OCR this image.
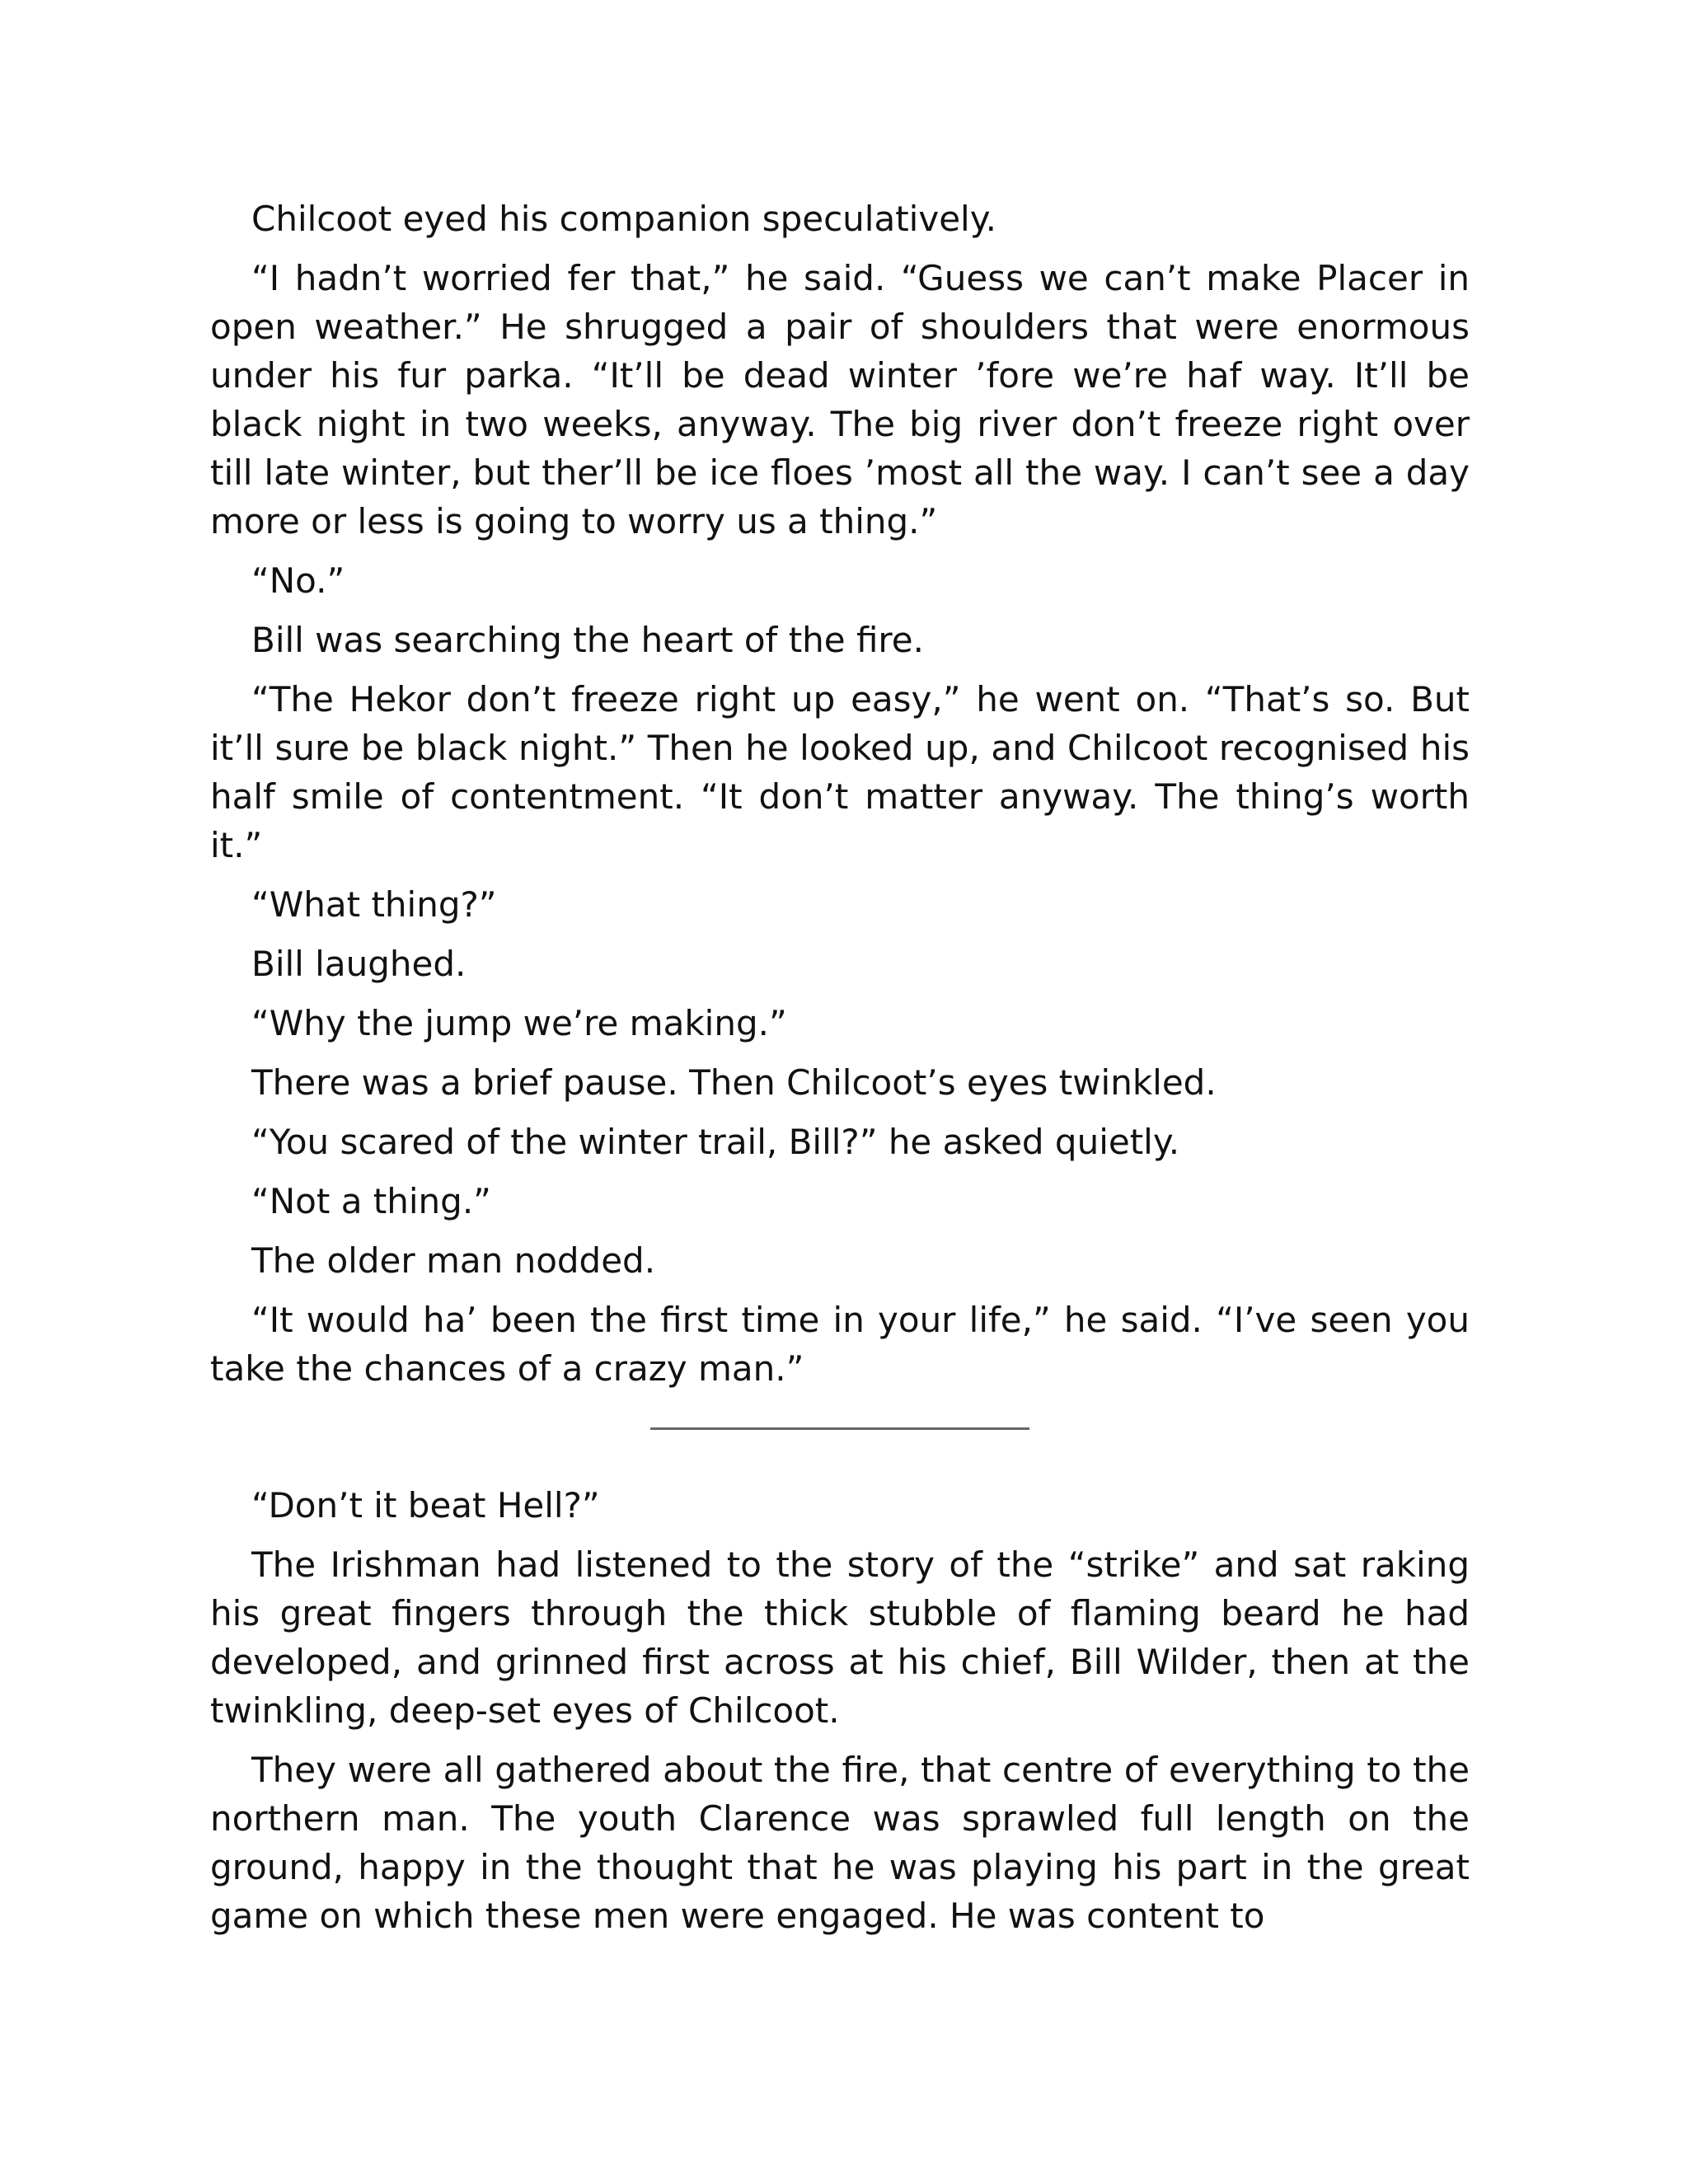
Chilcoot eyed his companion speculatively.

“I hadn’t worried fer that,” he said. “Guess we can’t make Placer in open weather.” He shrugged a pair of shoulders that were enormous under his fur parka. “It’ll be dead winter ’fore we’re haf way. It’ll be black night in two weeks, anyway. The big river don’t freeze right over till late winter, but ther’ll be ice floes ’most all the way. I can’t see a day more or less is going to worry us a thing.”

“No.”

Bill was searching the heart of the fire.

“The Hekor don’t freeze right up easy,” he went on. “That’s so. But it’ll sure be black night.” Then he looked up, and Chilcoot recognised his half smile of contentment. “It don’t matter anyway. The thing’s worth it.”

“What thing?”

Bill laughed.

“Why the jump we’re making.”

There was a brief pause. Then Chilcoot’s eyes twinkled.

“You scared of the winter trail, Bill?” he asked quietly.

“Not a thing.”

The older man nodded.

“It would ha’ been the first time in your life,” he said. “I’ve seen you take the chances of a crazy man.”

“Don’t it beat Hell?”

The Irishman had listened to the story of the “strike” and sat raking his great fingers through the thick stubble of flaming beard he had developed, and grinned first across at his chief, Bill Wilder, then at the twinkling, deep-set eyes of Chilcoot.

They were all gathered about the fire, that centre of everything to the northern man. The youth Clarence was sprawled full length on the ground, happy in the thought that he was playing his part in the great game on which these men were engaged. He was content to
